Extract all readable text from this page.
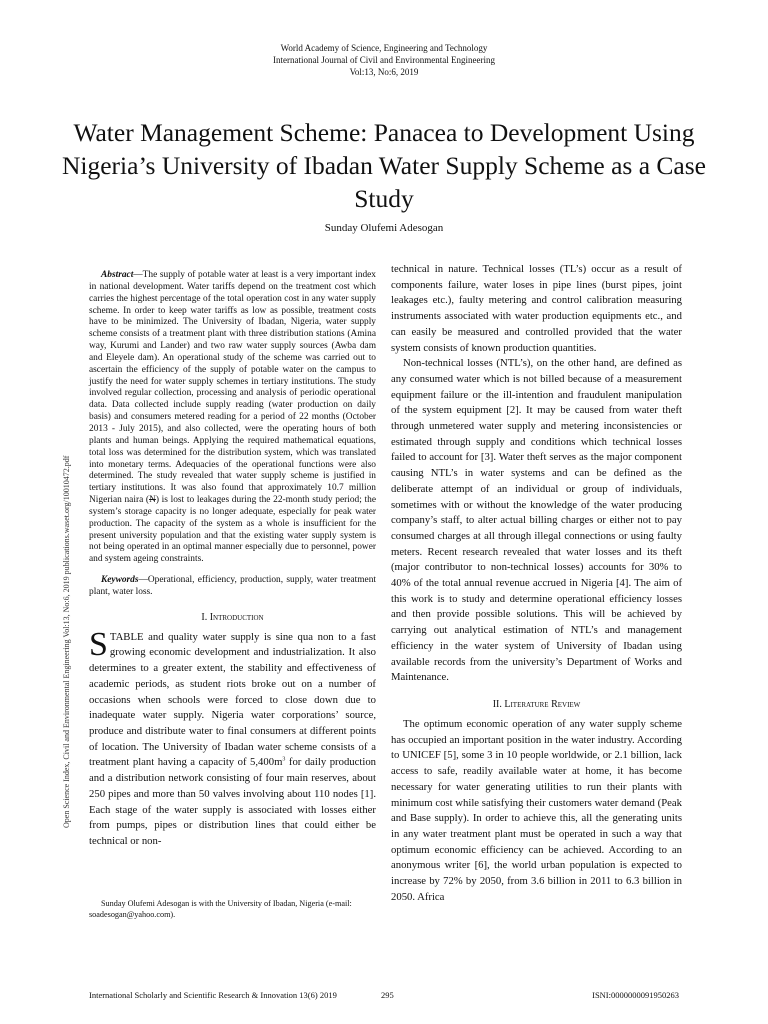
World Academy of Science, Engineering and Technology
International Journal of Civil and Environmental Engineering
Vol:13, No:6, 2019
Water Management Scheme: Panacea to Development Using Nigeria’s University of Ibadan Water Supply Scheme as a Case Study
Sunday Olufemi Adesogan
Open Science Index, Civil and Environmental Engineering Vol:13, No:6, 2019 publications.waset.org/10010472.pdf

Abstract—The supply of potable water at least is a very important index in national development. Water tariffs depend on the treatment cost which carries the highest percentage of the total operation cost in any water supply scheme. In order to keep water tariffs as low as possible, treatment costs have to be minimized. The University of Ibadan, Nigeria, water supply scheme consists of a treatment plant with three distribution stations (Amina way, Kurumi and Lander) and two raw water supply sources (Awba dam and Eleyele dam). An operational study of the scheme was carried out to ascertain the efficiency of the supply of potable water on the campus to justify the need for water supply schemes in tertiary institutions. The study involved regular collection, processing and analysis of periodic operational data. Data collected include supply reading (water production on daily basis) and consumers metered reading for a period of 22 months (October 2013 - July 2015), and also collected, were the operating hours of both plants and human beings. Applying the required mathematical equations, total loss was determined for the distribution system, which was translated into monetary terms. Adequacies of the operational functions were also determined. The study revealed that water supply scheme is justified in tertiary institutions. It was also found that approximately 10.7 million Nigerian naira (N) is lost to leakages during the 22-month study period; the system’s storage capacity is no longer adequate, especially for peak water production. The capacity of the system as a whole is insufficient for the present university population and that the existing water supply system is not being operated in an optimal manner especially due to personnel, power and system ageing constraints.

Keywords—Operational, efficiency, production, supply, water treatment plant, water loss.

I. Introduction

STABLE and quality water supply is sine qua non to a fast growing economic development and industrialization. It also determines to a greater extent, the stability and effectiveness of academic periods, as student riots broke out on a number of occasions when schools were forced to close down due to inadequate water supply. Nigeria water corporations’ source, produce and distribute water to final consumers at different points of location. The University of Ibadan water scheme consists of a treatment plant having a capacity of $5,400m^3$ for daily production and a distribution network consisting of four main reserves, about 250 pipes and more than 50 valves involving about 110 nodes [1]. Each stage of the water supply is associated with losses either from pumps, pipes or distribution lines that could either be technical or non-

technical in nature. Technical losses (TL’s) occur as a result of components failure, water loses in pipe lines (burst pipes, joint leakages etc.), faulty metering and control calibration measuring instruments associated with water production equipments etc., and can easily be measured and controlled provided that the water system consists of known production quantities.

Non-technical losses (NTL’s), on the other hand, are defined as any consumed water which is not billed because of a measurement equipment failure or the ill-intention and fraudulent manipulation of the system equipment [2]. It may be caused from water theft through unmetered water supply and metering inconsistencies or estimated through supply and conditions which technical losses failed to account for [3]. Water theft serves as the major component causing NTL’s in water systems and can be defined as the deliberate attempt of an individual or group of individuals, sometimes with or without the knowledge of the water producing company’s staff, to alter actual billing charges or either not to pay consumed charges at all through illegal connections or using faulty meters. Recent research revealed that water losses and its theft (major contributor to non-technical losses) accounts for 30% to 40% of the total annual revenue accrued in Nigeria [4]. The aim of this work is to study and determine operational efficiency losses and then provide possible solutions. This will be achieved by carrying out analytical estimation of NTL’s and management efficiency in the water system of University of Ibadan using available records from the university’s Department of Works and Maintenance.

II. Literature Review

The optimum economic operation of any water supply scheme has occupied an important position in the water industry. According to UNICEF [5], some 3 in 10 people worldwide, or 2.1 billion, lack access to safe, readily available water at home, it has become necessary for water generating utilities to run their plants with minimum cost while satisfying their customers water demand (Peak and Base supply). In order to achieve this, all the generating units in any water treatment plant must be operated in such a way that optimum economic efficiency can be achieved. According to an anonymous writer [6], the world urban population is expected to increase by 72% by 2050, from 3.6 billion in 2011 to 6.3 billion in 2050. Africa

Sunday Olufemi Adesogan is with the University of Ibadan, Nigeria (e-mail: soadesogan@yahoo.com).
International Scholarly and Scientific Research & Innovation 13(6) 2019	295	ISNI:0000000091950263
